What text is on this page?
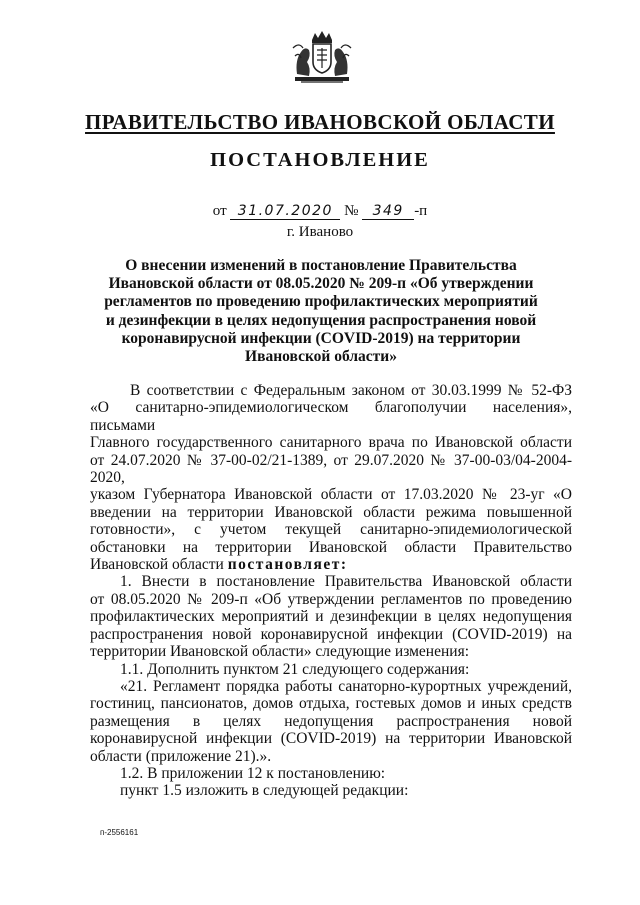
ПРАВИТЕЛЬСТВО ИВАНОВСКОЙ ОБЛАСТИ
ПОСТАНОВЛЕНИЕ
от 31.07.2020 № 349 -п
г. Иваново
О внесении изменений в постановление Правительства
Ивановской области от 08.05.2020 № 209-п «Об утверждении
регламентов по проведению профилактических мероприятий
и дезинфекции в целях недопущения распространения новой
коронавирусной инфекции (COVID-2019) на территории
Ивановской области»

В соответствии с Федеральным законом от 30.03.1999 № 52-ФЗ

«О санитарно-эпидемиологическом благополучии населения», письмами

Главного государственного санитарного врача по Ивановской области

от 24.07.2020 № 37-00-02/21-1389, от 29.07.2020 № 37-00-03/04-2004-2020,

указом Губернатора Ивановской области от 17.03.2020 № 23-уг «О

введении на территории Ивановской области режима повышенной

готовности», с учетом текущей санитарно-эпидемиологической

обстановки на территории Ивановской области Правительство

Ивановской области постановляет:

1. Внести в постановление Правительства Ивановской области

от 08.05.2020 № 209-п «Об утверждении регламентов по проведению

профилактических мероприятий и дезинфекции в целях недопущения

распространения новой коронавирусной инфекции (COVID-2019) на

территории Ивановской области» следующие изменения:

1.1. Дополнить пунктом 21 следующего содержания:

«21. Регламент порядка работы санаторно-курортных учреждений,

гостиниц, пансионатов, домов отдыха, гостевых домов и иных средств

размещения в целях недопущения распространения новой

коронавирусной инфекции (COVID-2019) на территории Ивановской

области (приложение 21).».

1.2. В приложении 12 к постановлению:

пункт 1.5 изложить в следующей редакции:

п-2556161
